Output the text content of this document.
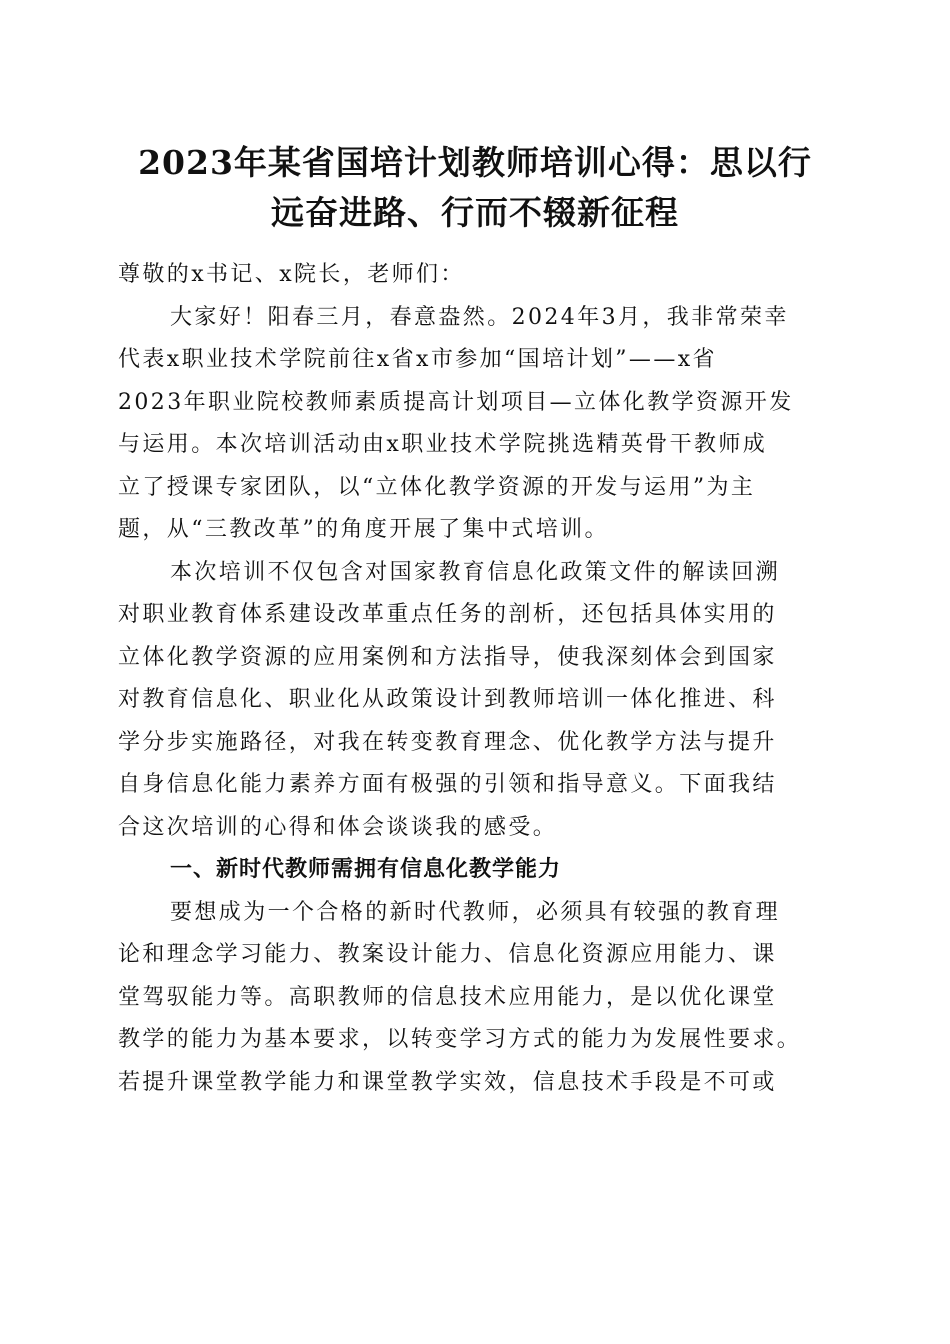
2023年某省国培计划教师培训心得：思以行
远奋进路、行而不辍新征程
尊敬的x书记、x院长，老师们：
大家好！阳春三月，春意盎然。2024年3月，我非常荣幸
代表x职业技术学院前往x省x市参加“国培计划”——x省
2023年职业院校教师素质提高计划项目—立体化教学资源开发
与运用。本次培训活动由x职业技术学院挑选精英骨干教师成
立了授课专家团队，以“立体化教学资源的开发与运用”为主
题，从“三教改革”的角度开展了集中式培训。
本次培训不仅包含对国家教育信息化政策文件的解读回溯
对职业教育体系建设改革重点任务的剖析，还包括具体实用的
立体化教学资源的应用案例和方法指导，使我深刻体会到国家
对教育信息化、职业化从政策设计到教师培训一体化推进、科
学分步实施路径，对我在转变教育理念、优化教学方法与提升
自身信息化能力素养方面有极强的引领和指导意义。下面我结
合这次培训的心得和体会谈谈我的感受。
一、新时代教师需拥有信息化教学能力
要想成为一个合格的新时代教师，必须具有较强的教育理
论和理念学习能力、教案设计能力、信息化资源应用能力、课
堂驾驭能力等。高职教师的信息技术应用能力，是以优化课堂
教学的能力为基本要求，以转变学习方式的能力为发展性要求。
若提升课堂教学能力和课堂教学实效，信息技术手段是不可或
